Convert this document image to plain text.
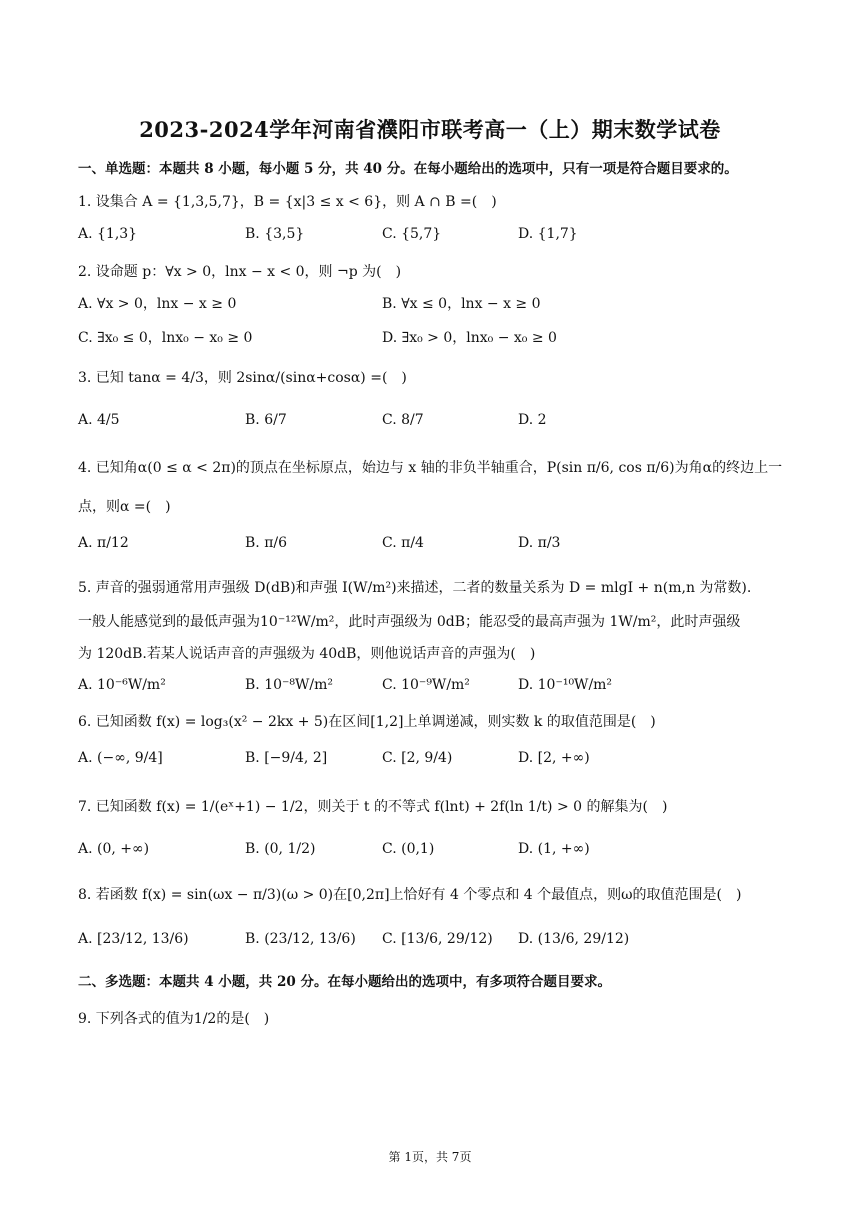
2023-2024学年河南省濮阳市联考高一（上）期末数学试卷
一、单选题：本题共 8 小题，每小题 5 分，共 40 分。在每小题给出的选项中，只有一项是符合题目要求的。
1. 设集合 A = {1,3,5,7}，B = {x|3 ≤ x < 6}，则 A ∩ B =(　)
A. {1,3}	B. {3,5}	C. {5,7}	D. {1,7}
2. 设命题 p：∀x > 0，lnx − x < 0，则 ¬p 为(　)
A. ∀x > 0，lnx − x ≥ 0	B. ∀x ≤ 0，lnx − x ≥ 0
C. ∃x₀ ≤ 0，lnx₀ − x₀ ≥ 0	D. ∃x₀ > 0，lnx₀ − x₀ ≥ 0
3. 已知 tanα = 4/3，则 2sinα/(sinα+cosα) =(　)
A. 4/5	B. 6/7	C. 8/7	D. 2
4. 已知角α(0 ≤ α < 2π)的顶点在坐标原点，始边与 x 轴的非负半轴重合，P(sin π/6, cos π/6)为角α的终边上一
点，则α =(　)
A. π/12	B. π/6	C. π/4	D. π/3
5. 声音的强弱通常用声强级 D(dB)和声强 I(W/m²)来描述，二者的数量关系为 D = mlgI + n(m,n 为常数).
一般人能感觉到的最低声强为10⁻¹²W/m²，此时声强级为 0dB；能忍受的最高声强为 1W/m²，此时声强级
为 120dB.若某人说话声音的声强级为 40dB，则他说话声音的声强为(　)
A. 10⁻⁶W/m²	B. 10⁻⁸W/m²	C. 10⁻⁹W/m²	D. 10⁻¹⁰W/m²
6. 已知函数 f(x) = log₃(x² − 2kx + 5)在区间[1,2]上单调递减，则实数 k 的取值范围是(　)
A. (−∞, 9/4]	B. [−9/4, 2]	C. [2, 9/4)	D. [2, +∞)
7. 已知函数 f(x) = 1/(eˣ+1) − 1/2，则关于 t 的不等式 f(lnt) + 2f(ln 1/t) > 0 的解集为(　)
A. (0, +∞)	B. (0, 1/2)	C. (0,1)	D. (1, +∞)
8. 若函数 f(x) = sin(ωx − π/3)(ω > 0)在[0,2π]上恰好有 4 个零点和 4 个最值点，则ω的取值范围是(　)
A. [23/12, 13/6)	B. (23/12, 13/6) C. [13/6, 29/12) D. (13/6, 29/12)
二、多选题：本题共 4 小题，共 20 分。在每小题给出的选项中，有多项符合题目要求。
9. 下列各式的值为1/2的是(　)
第 1页，共 7页
